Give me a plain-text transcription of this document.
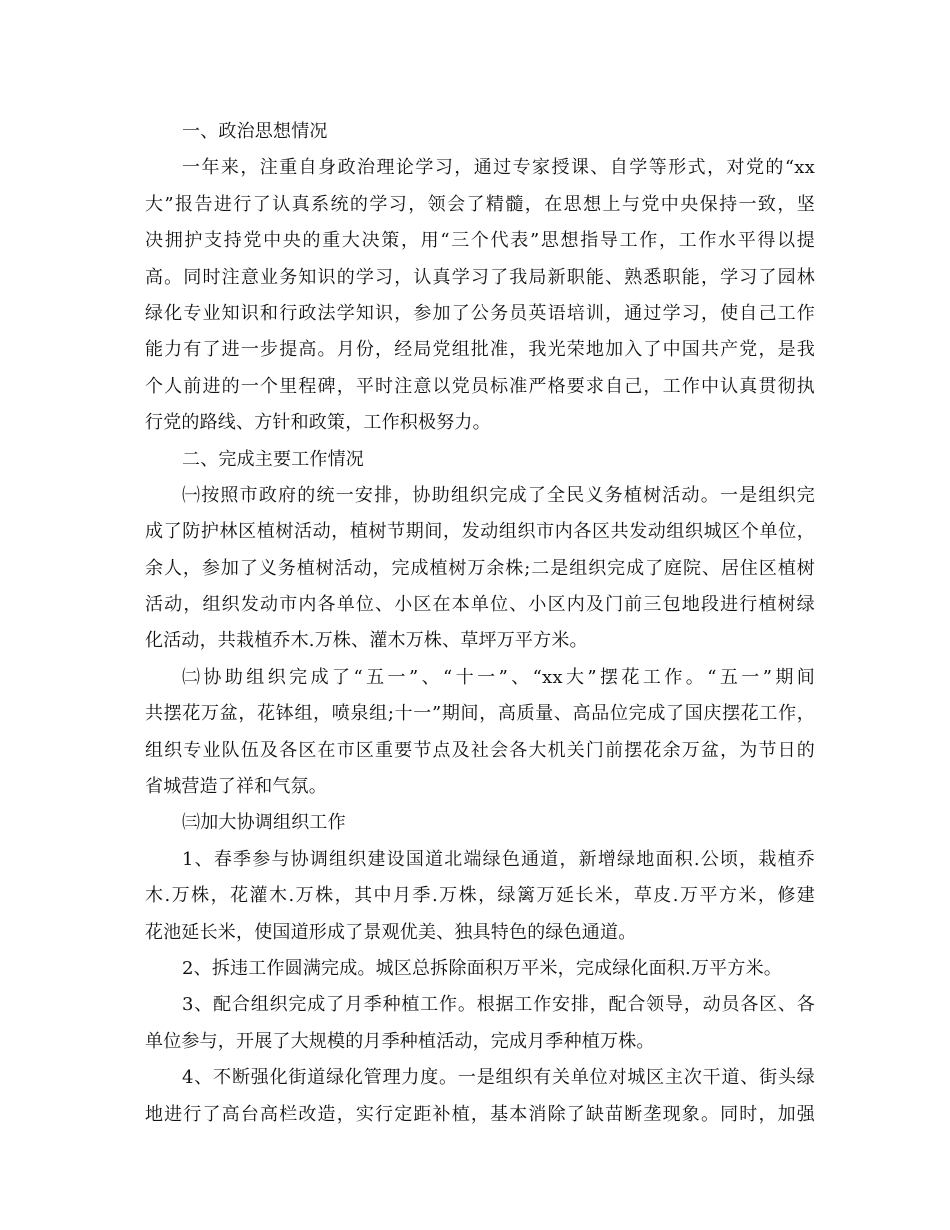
一、政治思想情况
一年来，注重自身政治理论学习，通过专家授课、自学等形式，对党的“xx
大”报告进行了认真系统的学习，领会了精髓，在思想上与党中央保持一致，坚
决拥护支持党中央的重大决策，用“三个代表”思想指导工作，工作水平得以提
高。同时注意业务知识的学习，认真学习了我局新职能、熟悉职能，学习了园林
绿化专业知识和行政法学知识，参加了公务员英语培训，通过学习，使自己工作
能力有了进一步提高。月份，经局党组批准，我光荣地加入了中国共产党，是我
个人前进的一个里程碑，平时注意以党员标准严格要求自己，工作中认真贯彻执
行党的路线、方针和政策，工作积极努力。
二、完成主要工作情况
㈠按照市政府的统一安排，协助组织完成了全民义务植树活动。一是组织完
成了防护林区植树活动，植树节期间，发动组织市内各区共发动组织城区个单位，
余人，参加了义务植树活动，完成植树万余株;二是组织完成了庭院、居住区植树
活动，组织发动市内各单位、小区在本单位、小区内及门前三包地段进行植树绿
化活动，共栽植乔木.万株、灌木万株、草坪万平方米。
㈡协助组织完成了“五一”、“十一”、“xx大”摆花工作。“五一”期间
共摆花万盆，花钵组，喷泉组;十一”期间，高质量、高品位完成了国庆摆花工作，
组织专业队伍及各区在市区重要节点及社会各大机关门前摆花余万盆，为节日的
省城营造了祥和气氛。
㈢加大协调组织工作
1、春季参与协调组织建设国道北端绿色通道，新增绿地面积.公顷，栽植乔
木.万株，花灌木.万株，其中月季.万株，绿篱万延长米，草皮.万平方米，修建
花池延长米，使国道形成了景观优美、独具特色的绿色通道。
2、拆违工作圆满完成。城区总拆除面积万平米，完成绿化面积.万平方米。
3、配合组织完成了月季种植工作。根据工作安排，配合领导，动员各区、各
单位参与，开展了大规模的月季种植活动，完成月季种植万株。
4、不断强化街道绿化管理力度。一是组织有关单位对城区主次干道、街头绿
地进行了高台高栏改造，实行定距补植，基本消除了缺苗断垄现象。同时，加强
